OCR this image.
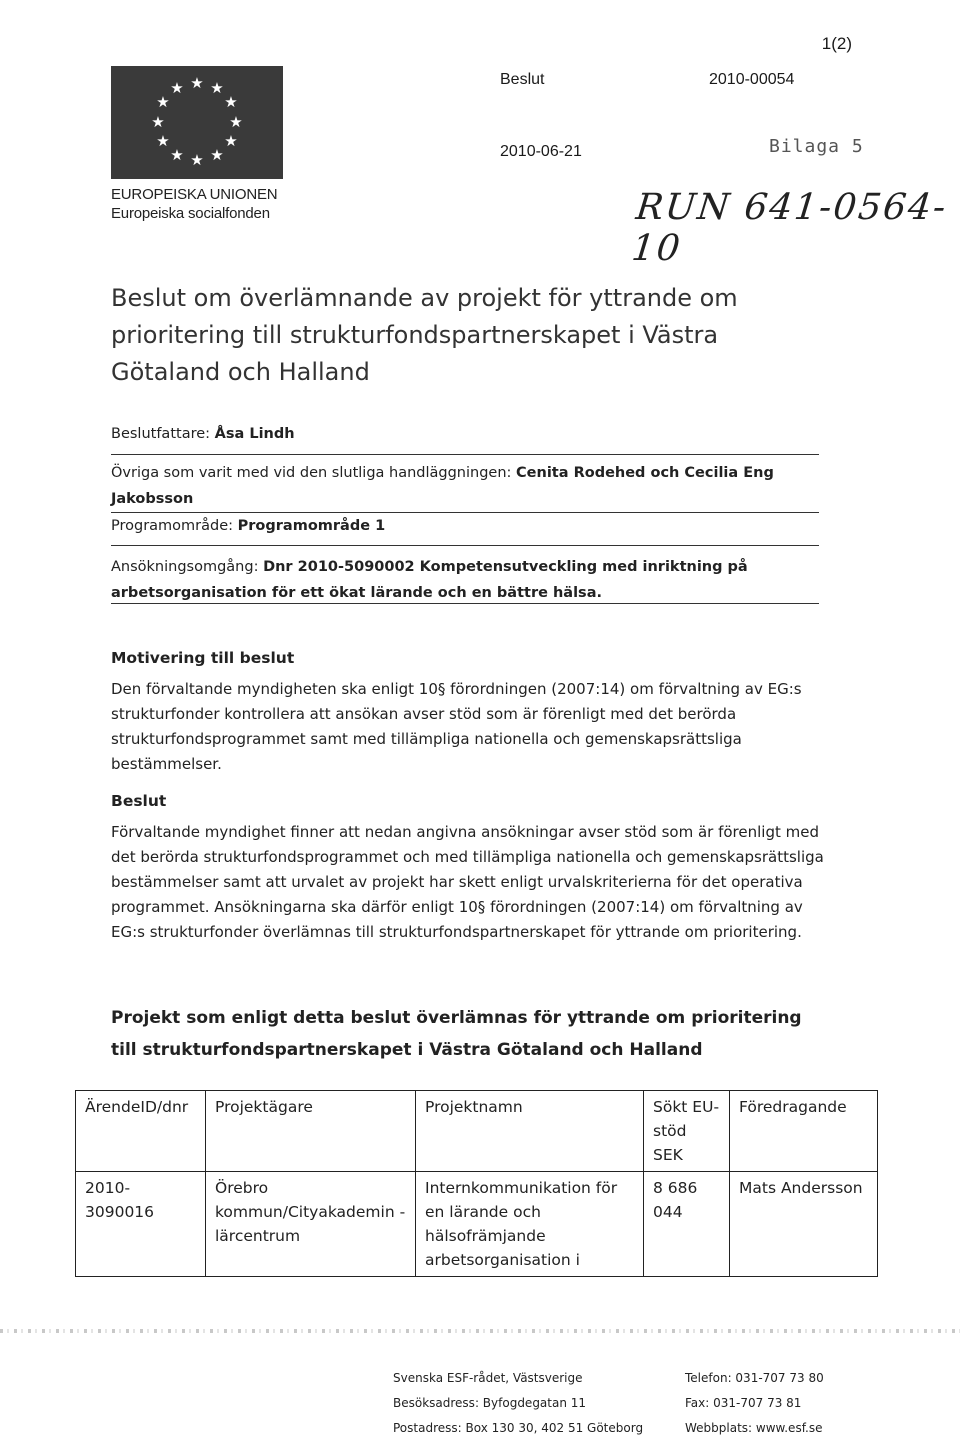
1(2)
★ ★
★
★
★
★
★
★
★
★
★
★
EUROPEISKA UNIONEN
Europeiska socialfonden
Beslut	2010-00054
2010-06-21	Bilaga 5
RUN 641-0564-10
Beslut om överlämnande av projekt för yttrande om prioritering till strukturfondspartnerskapet i Västra Götaland och Halland
Beslutfattare: Åsa Lindh
Övriga som varit med vid den slutliga handläggningen: Cenita Rodehed och Cecilia Eng Jakobsson
Programområde: Programområde 1
Ansökningsomgång: Dnr 2010-5090002 Kompetensutveckling med inriktning på arbetsorganisation för ett ökat lärande och en bättre hälsa.
Motivering till beslut
Den förvaltande myndigheten ska enligt 10§ förordningen (2007:14) om förvaltning av EG:s strukturfonder kontrollera att ansökan avser stöd som är förenligt med det berörda strukturfondsprogrammet samt med tillämpliga nationella och gemenskapsrättsliga bestämmelser.
Beslut
Förvaltande myndighet finner att nedan angivna ansökningar avser stöd som är förenligt med det berörda strukturfondsprogrammet och med tillämpliga nationella och gemenskapsrättsliga bestämmelser samt att urvalet av projekt har skett enligt urvalskriterierna för det operativa programmet. Ansökningarna ska därför enligt 10§ förordningen (2007:14) om förvaltning av EG:s strukturfonder överlämnas till strukturfondspartnerskapet för yttrande om prioritering.
Projekt som enligt detta beslut överlämnas för yttrande om prioritering till strukturfondspartnerskapet i Västra Götaland och Halland
ÄrendeID/dnr	Projektägare	Projektnamn	Sökt EU-stöd SEK	Föredragande
2010-3090016	Örebro kommun/Cityakademin - lärcentrum	Internkommunikation för en lärande och hälsofrämjande arbetsorganisation i	8 686 044	Mats Andersson
Svenska ESF-rådet, Västsverige
Besöksadress: Byfogdegatan 11
Postadress: Box 130 30, 402 51 Göteborg
Telefon: 031-707 73 80
Fax: 031-707 73 81
Webbplats: www.esf.se
